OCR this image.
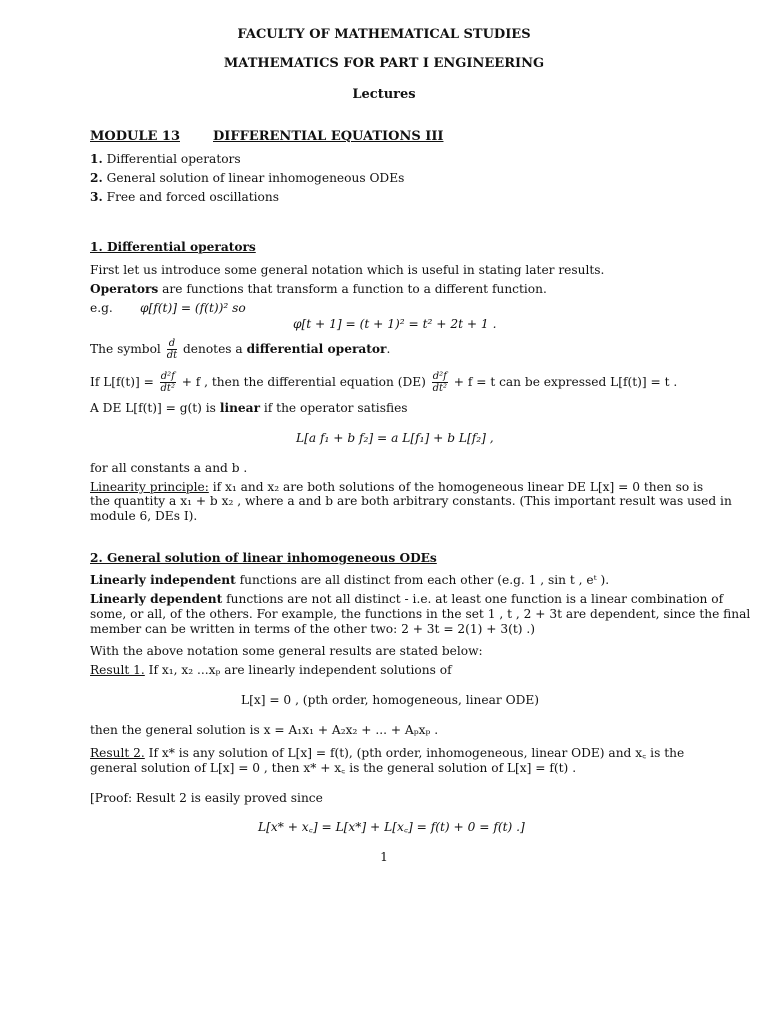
FACULTY OF MATHEMATICAL STUDIES
MATHEMATICS FOR PART I ENGINEERING
Lectures
MODULE 13	DIFFERENTIAL EQUATIONS III
1. Differential operators
2. General solution of linear inhomogeneous ODEs
3. Free and forced oscillations
1. Differential operators
First let us introduce some general notation which is useful in stating later results.
Operators are functions that transform a function to a different function.
e.g. φ[f(t)] = (f(t))² so
φ[t + 1] = (t + 1)² = t² + 2t + 1 .
The symbol $\frac{d}{dt}$ denotes a differential operator.
If $L[f(t)] = \frac{\text{d²f}}{\text{dt²}} + f$ , then the differential equation $(DE) \frac{\text{d²f}}{\text{dt²}} + f = t$ can be expressed L[f(t)] = t .
A DE L[f(t)] = g(t) is linear if the operator satisfies
L[a f₁ + b f₂] = a L[f₁] + b L[f₂] ,
for all constants a and b .
Linearity principle: if x₁ and x₂ are both solutions of the homogeneous linear DE L[x] = 0 then so is
the quantity a x₁ + b x₂ , where a and b are both arbitrary constants. (This important result was used in
module 6, DEs I).
2. General solution of linear inhomogeneous ODEs
Linearly independent functions are all distinct from each other (e.g. 1 , sin t , eᵗ ).
Linearly dependent functions are not all distinct - i.e. at least one function is a linear combination of
some, or all, of the others. For example, the functions in the set 1 , t , 2 + 3t are dependent, since the final
member can be written in terms of the other two: 2 + 3t = 2(1) + 3(t) .)
With the above notation some general results are stated below:
Result 1. If x₁, x₂ ...xₚ are linearly independent solutions of
L[x] = 0 , (pth order, homogeneous, linear ODE)
then the general solution is x = A₁x₁ + A₂x₂ + ... + Aₚxₚ .
Result 2. If x* is any solution of L[x] = f(t), (pth order, inhomogeneous, linear ODE) and x꜀ is the
general solution of L[x] = 0 , then x* + x꜀ is the general solution of L[x] = f(t) .
[Proof: Result 2 is easily proved since
L[x* + x꜀] = L[x*] + L[x꜀] = f(t) + 0 = f(t) .]
1
